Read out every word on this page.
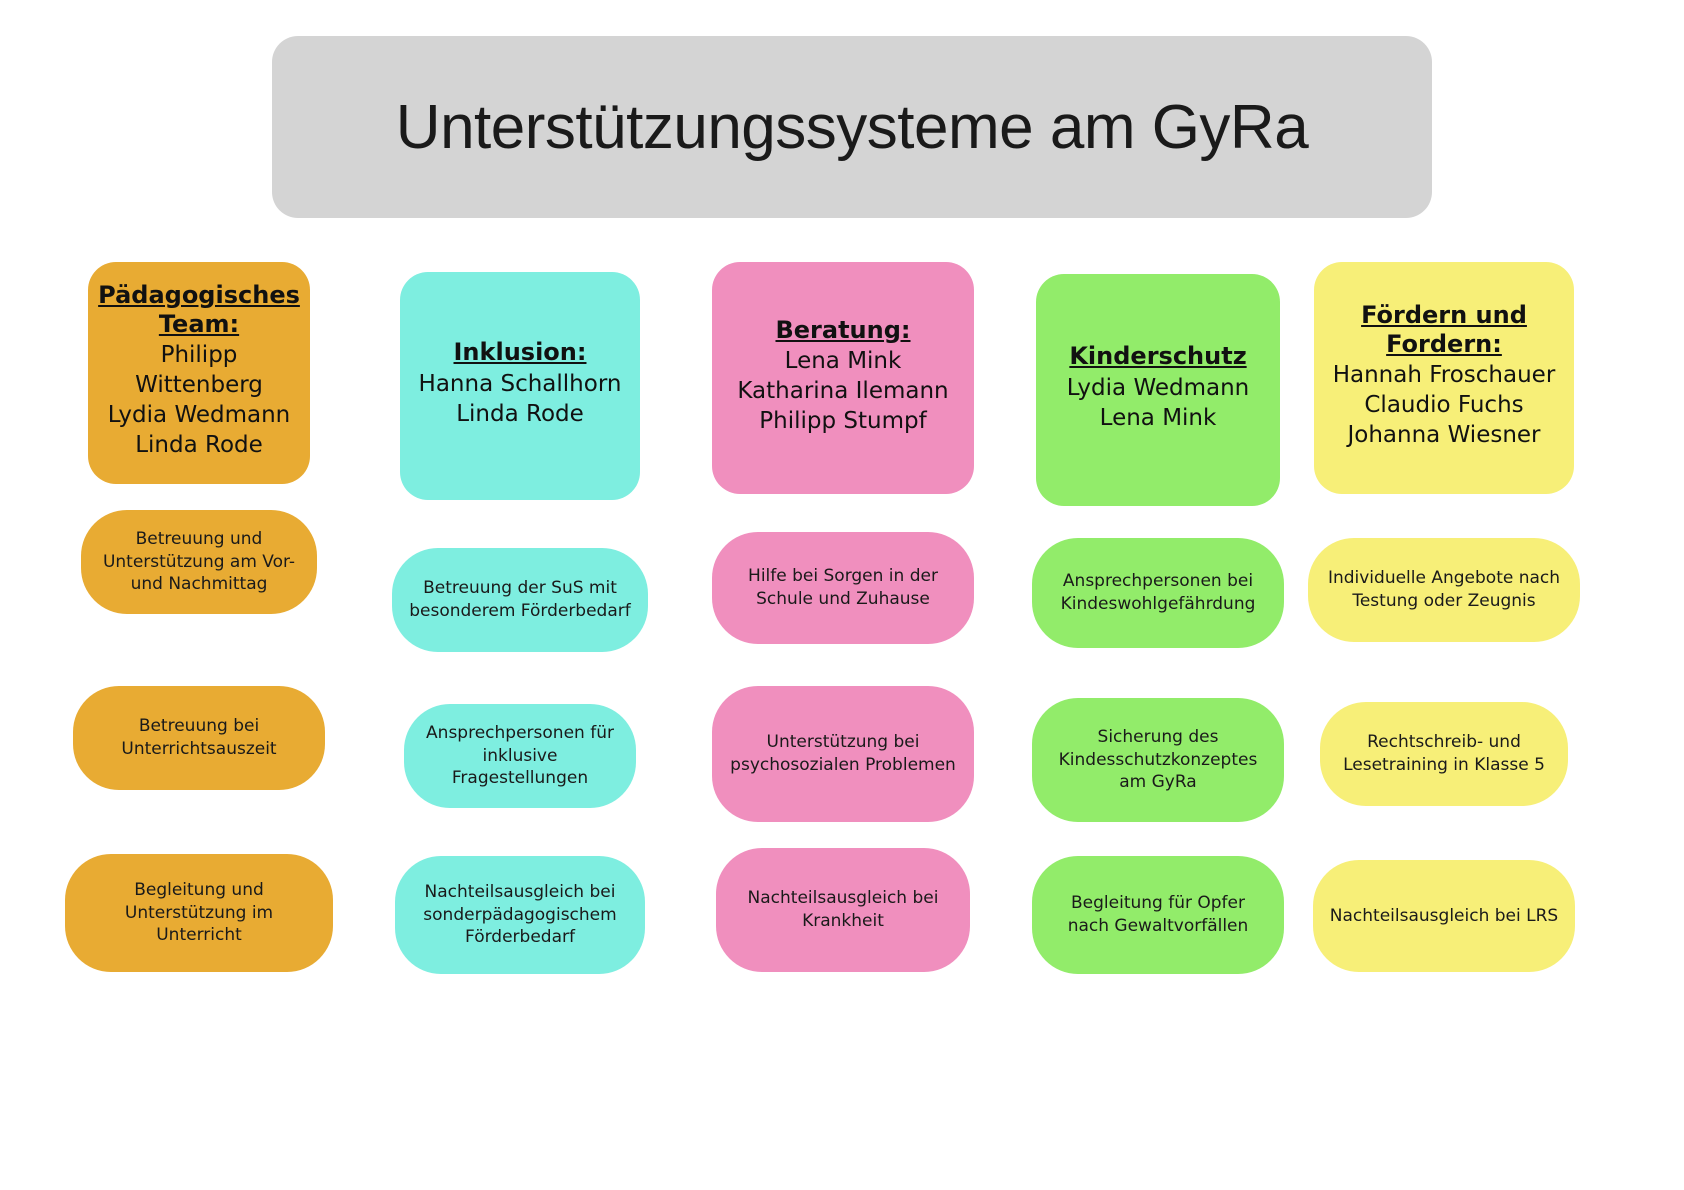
Unterstützungssysteme am GyRa
Pädagogisches
Team:
Philipp
Wittenberg
Lydia Wedmann
Linda Rode
Betreuung und Unterstützung am Vor- und Nachmittag
Betreuung bei Unterrichtsauszeit
Begleitung und Unterstützung im Unterricht
Inklusion:
Hanna Schallhorn
Linda Rode
Betreuung der SuS mit besonderem Förderbedarf
Ansprechpersonen für inklusive Fragestellungen
Nachteilsausgleich bei sonderpädagogischem Förderbedarf
Beratung:
Lena Mink
Katharina Ilemann
Philipp Stumpf
Hilfe bei Sorgen in der Schule und Zuhause
Unterstützung bei psychosozialen Problemen
Nachteilsausgleich bei Krankheit
Kinderschutz
Lydia Wedmann
Lena Mink
Ansprechpersonen bei Kindeswohlgefährdung
Sicherung des Kindesschutzkonzeptes am GyRa
Begleitung für Opfer nach Gewaltvorfällen
Fördern und
Fordern:
Hannah Froschauer
Claudio Fuchs
Johanna Wiesner
Individuelle Angebote nach Testung oder Zeugnis
Rechtschreib- und Lesetraining in Klasse 5
Nachteilsausgleich bei LRS
